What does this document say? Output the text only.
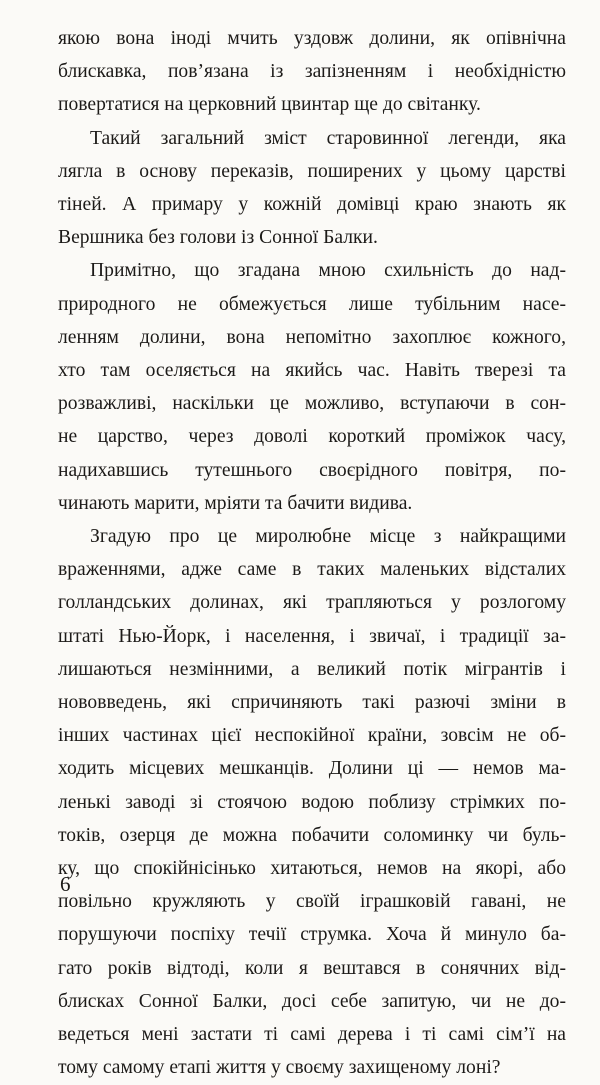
якою вона іноді мчить уздовж долини, як опівнічна
блискавка, пов’язана із запізненням і необхідністю
повертатися на церковний цвинтар ще до світанку.

Такий загальний зміст старовинної легенди, яка
лягла в основу переказів, поширених у цьому царстві
тіней. А примару у кожній домівці краю знають як
Вершника без голови із Сонної Балки.

Примітно, що згадана мною схильність до над-
природного не обмежується лише тубільним насе-
ленням долини, вона непомітно захоплює кожного,
хто там оселяється на якийсь час. Навіть тверезі та
розважливі, наскільки це можливо, вступаючи в сон-
не царство, через доволі короткий проміжок часу,
надихавшись тутешнього своєрідного повітря, по-
чинають марити, мріяти та бачити видива.

Згадую про це миролюбне місце з найкращими
враженнями, адже саме в таких маленьких відсталих
голландських долинах, які трапляються у розлогому
штаті Нью-Йорк, і населення, і звичаї, і традиції за-
лишаються незмінними, а великий потік мігрантів і
нововведень, які спричиняють такі разючі зміни в
інших частинах цієї неспокійної країни, зовсім не об-
ходить місцевих мешканців. Долини ці — немов ма-
ленькі заводі зі стоячою водою поблизу стрімких по-
токів, озерця де можна побачити соломинку чи буль-
ку, що спокійнісінько хитаються, немов на якорі, або
повільно кружляють у своїй іграшковій гавані, не
порушуючи поспіху течії струмка. Хоча й минуло ба-
гато років відтоді, коли я вештався в сонячних від-
блисках Сонної Балки, досі себе запитую, чи не до-
ведеться мені застати ті самі дерева і ті самі сім’ї на
тому самому етапі життя у своєму захищеному лоні?

6
